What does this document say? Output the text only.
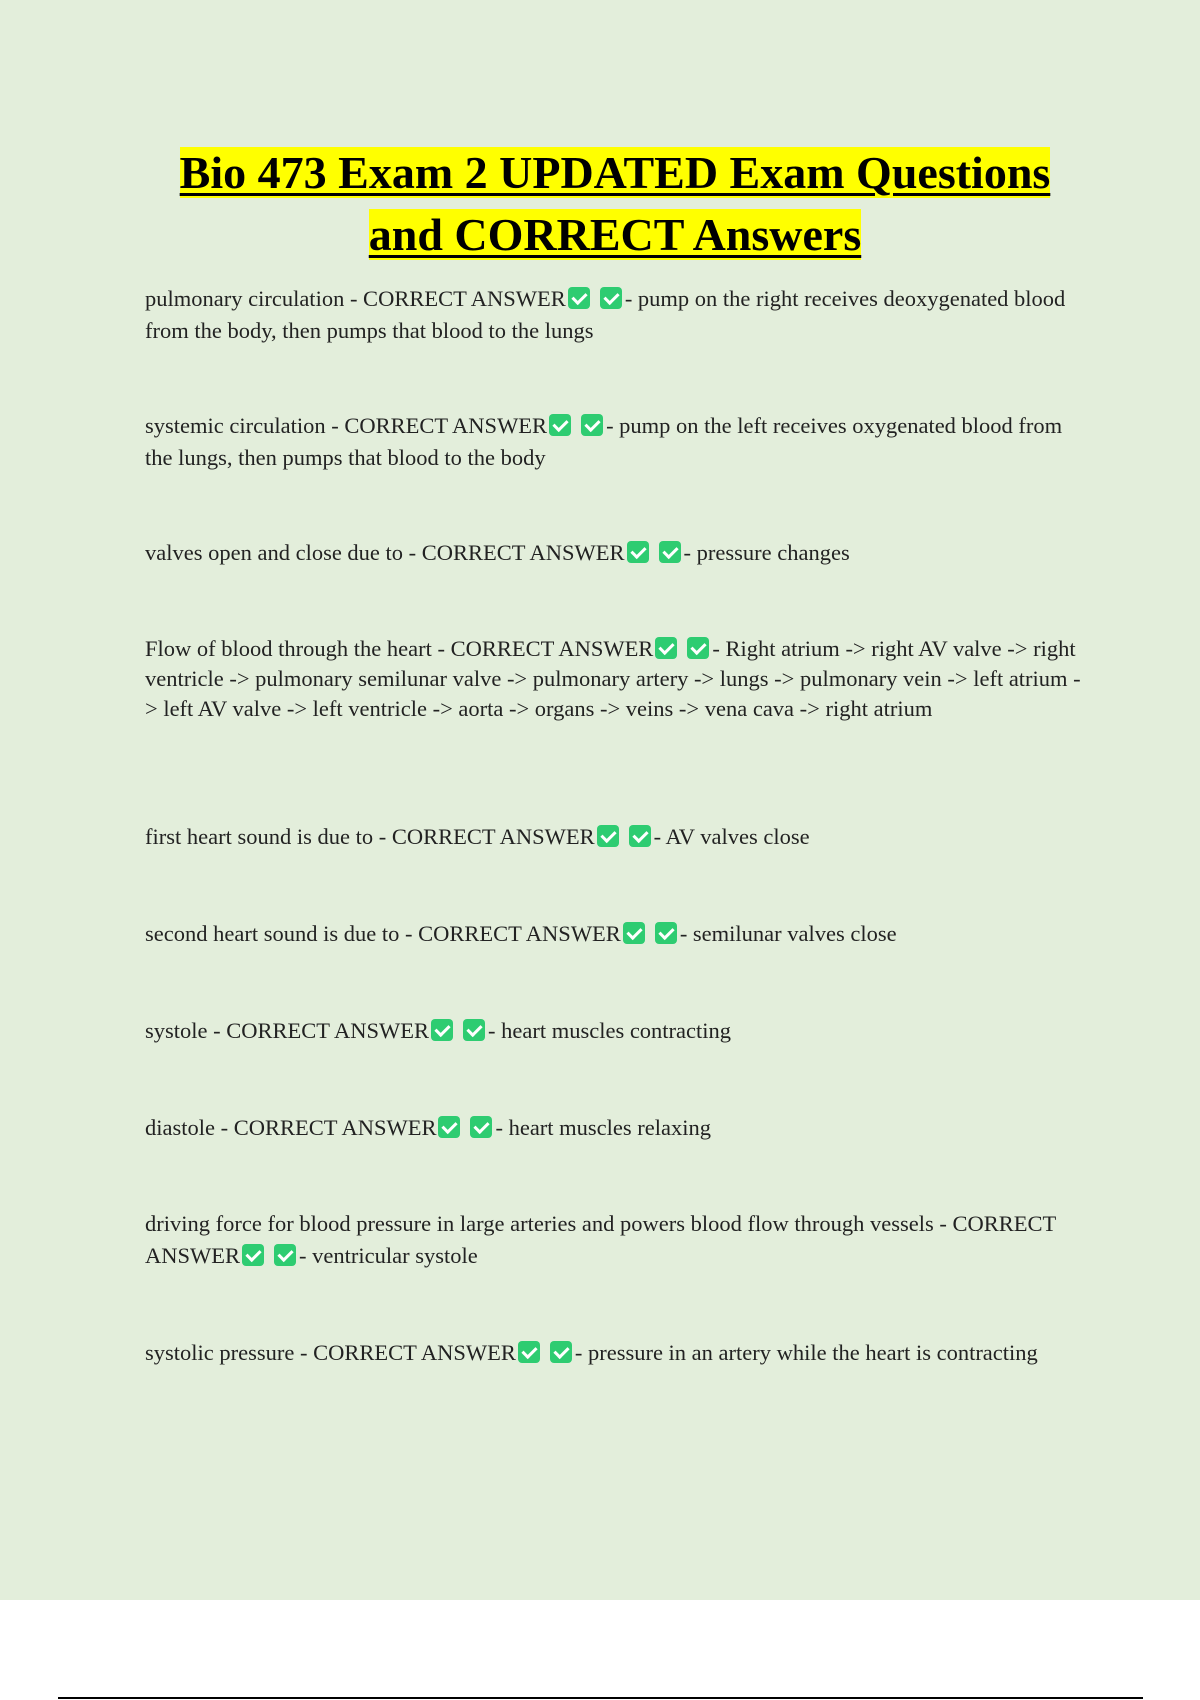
Bio 473 Exam 2 UPDATED Exam Questions
and CORRECT Answers
pulmonary circulation - CORRECT ANSWER	- pump on the right receives deoxygenated blood from the body, then pumps that blood to the lungs
systemic circulation - CORRECT ANSWER	- pump on the left receives oxygenated blood from the lungs, then pumps that blood to the body
valves open and close due to - CORRECT ANSWER	- pressure changes
Flow of blood through the heart - CORRECT ANSWER	- Right atrium -> right AV valve -> right ventricle -> pulmonary semilunar valve -> pulmonary artery -> lungs -> pulmonary vein -> left atrium -> left AV valve -> left ventricle -> aorta -> organs -> veins -> vena cava -> right atrium
first heart sound is due to - CORRECT ANSWER	- AV valves close
second heart sound is due to - CORRECT ANSWER	- semilunar valves close
systole - CORRECT ANSWER	- heart muscles contracting
diastole - CORRECT ANSWER	- heart muscles relaxing
driving force for blood pressure in large arteries and powers blood flow through vessels - CORRECT ANSWER	- ventricular systole
systolic pressure - CORRECT ANSWER	- pressure in an artery while the heart is contracting
